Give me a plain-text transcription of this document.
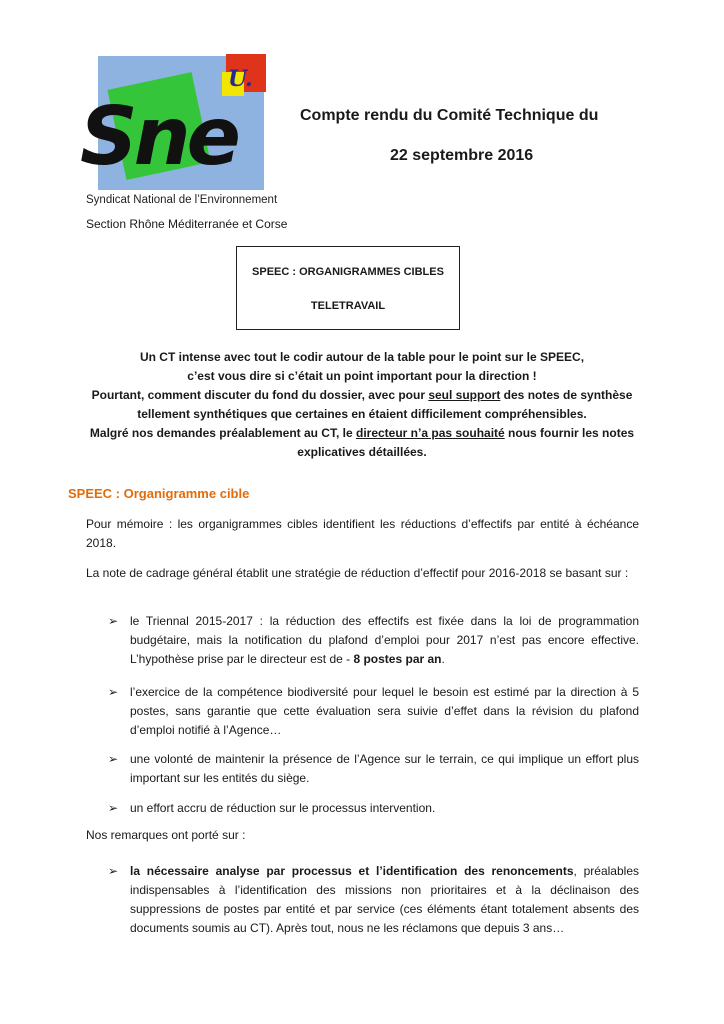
U.
Sne
Syndicat National de l’Environnement
Section Rhône Méditerranée et Corse
Compte rendu du Comité Technique du
22 septembre 2016
SPEEC : ORGANIGRAMMES CIBLES
TELETRAVAIL
Un CT intense avec tout le codir autour de la table pour le point sur le SPEEC,
c’est vous dire si c’était un point important pour la direction !
Pourtant, comment discuter du fond du dossier, avec pour seul support des notes de synthèse
tellement synthétiques que certaines en étaient difficilement compréhensibles.
Malgré nos demandes préalablement au CT, le directeur n’a pas souhaité nous fournir les notes
explicatives détaillées.
SPEEC : Organigramme cible
Pour mémoire : les organigrammes cibles identifient les réductions d’effectifs par entité à échéance 2018.
La note de cadrage général établit une stratégie de réduction d’effectif pour 2016-2018 se basant sur :
➢ le Triennal 2015-2017 : la réduction des effectifs est fixée dans la loi de programmation budgétaire, mais la notification du plafond d’emploi pour 2017 n’est pas encore effective. L’hypothèse prise par le directeur est de - 8 postes par an.
➢ l’exercice de la compétence biodiversité pour lequel le besoin est estimé par la direction à 5 postes, sans garantie que cette évaluation sera suivie d’effet dans la révision du plafond d’emploi notifié à l’Agence…
➢ une volonté de maintenir la présence de l’Agence sur le terrain, ce qui implique un effort plus important sur les entités du siège.
➢ un effort accru de réduction sur le processus intervention.
Nos remarques ont porté sur :
➢ la nécessaire analyse par processus et l’identification des renoncements, préalables indispensables à l’identification des missions non prioritaires et à la déclinaison des suppressions de postes par entité et par service (ces éléments étant totalement absents des documents soumis au CT). Après tout, nous ne les réclamons que depuis 3 ans…
